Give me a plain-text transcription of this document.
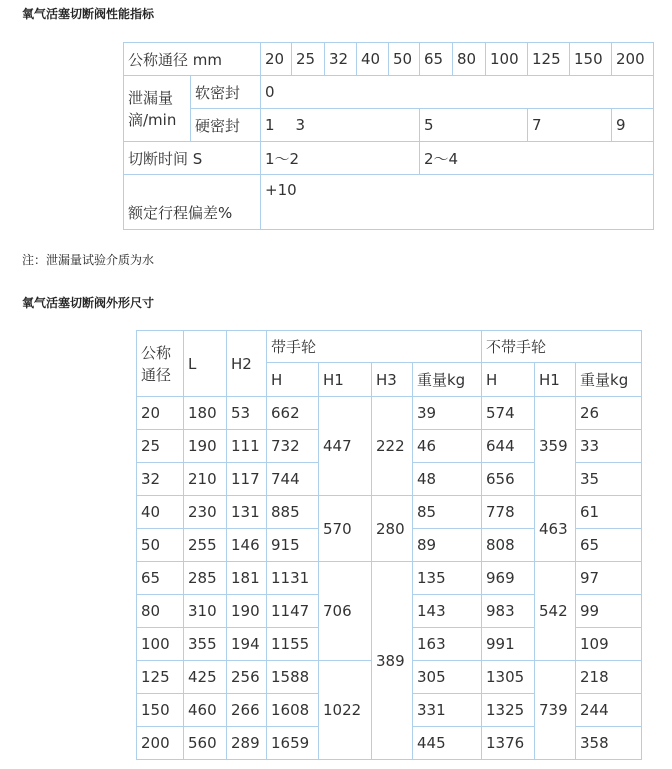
氧气活塞切断阀性能指标
公称通径 mm		20	25	32	40	50	65	80	100	125	150	200
泄漏量滴/min	软密封	0										
	硬密封	1	3				5			7		9
切断时间 S		1～2					2～4					
额定行程偏差%		+10										
注：泄漏量试验介质为水
氧气活塞切断阀外形尺寸
公称通径	L	H2	带手轮				不带手轮		
			H	H1	H3	重量kg	H	H1	重量kg
20	180	53	662	447	222	39	574	359	26
25	190	111	732			46	644		33
32	210	117	744			48	656		35
40	230	131	885	570	280	85	778	463	61
50	255	146	915			89	808		65
65	285	181	1131	706	389	135	969	542	97
80	310	190	1147			143	983		99
100	355	194	1155			163	991		109
125	425	256	1588	1022		305	1305	739	218
150	460	266	1608			331	1325		244
200	560	289	1659			445	1376		358
